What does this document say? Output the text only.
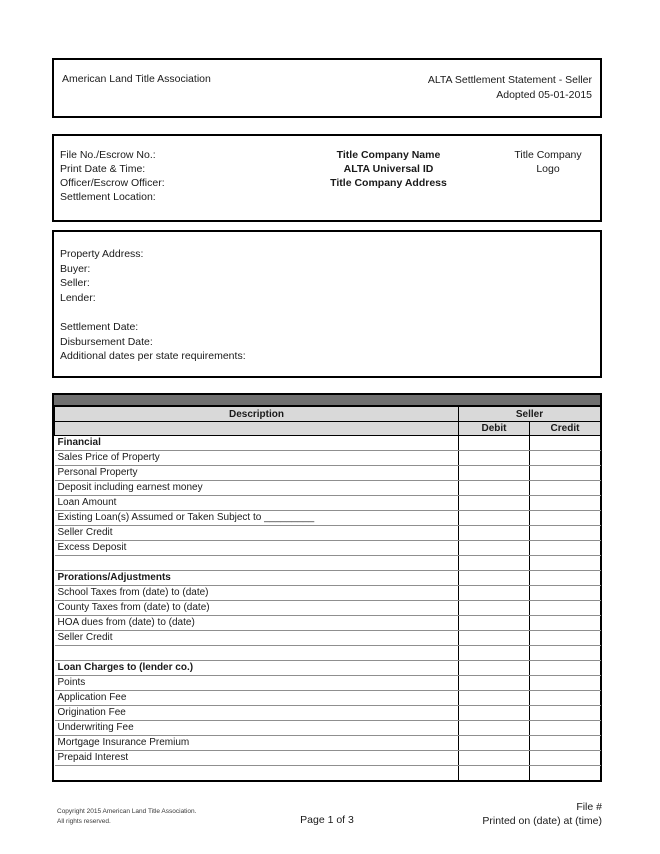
American Land Title Association	ALTA Settlement Statement - Seller
Adopted 05-01-2015
File No./Escrow No.:
Print Date & Time:
Officer/Escrow Officer:
Settlement Location:
Title Company Name
ALTA Universal ID
Title Company Address
Title Company Logo
Property Address:
Buyer:
Seller:
Lender:
Settlement Date:
Disbursement Date:
Additional dates per state requirements:
Description	Seller	
	Debit	Credit
Financial		
Sales Price of Property		
Personal Property		
Deposit including earnest money		
Loan Amount		
Existing Loan(s) Assumed or Taken Subject to _________		
Seller Credit		
Excess Deposit		

Prorations/Adjustments		
School Taxes from (date) to (date)		
County Taxes from (date) to (date)		
HOA dues from (date) to (date)		
Seller Credit		

Loan Charges to (lender co.)		
Points		
Application Fee		
Origination Fee		
Underwriting Fee		
Mortgage Insurance Premium		
Prepaid Interest		

Copyright 2015 American Land Title Association.
All rights reserved.	Page 1 of 3
File #
Printed on (date) at (time)
